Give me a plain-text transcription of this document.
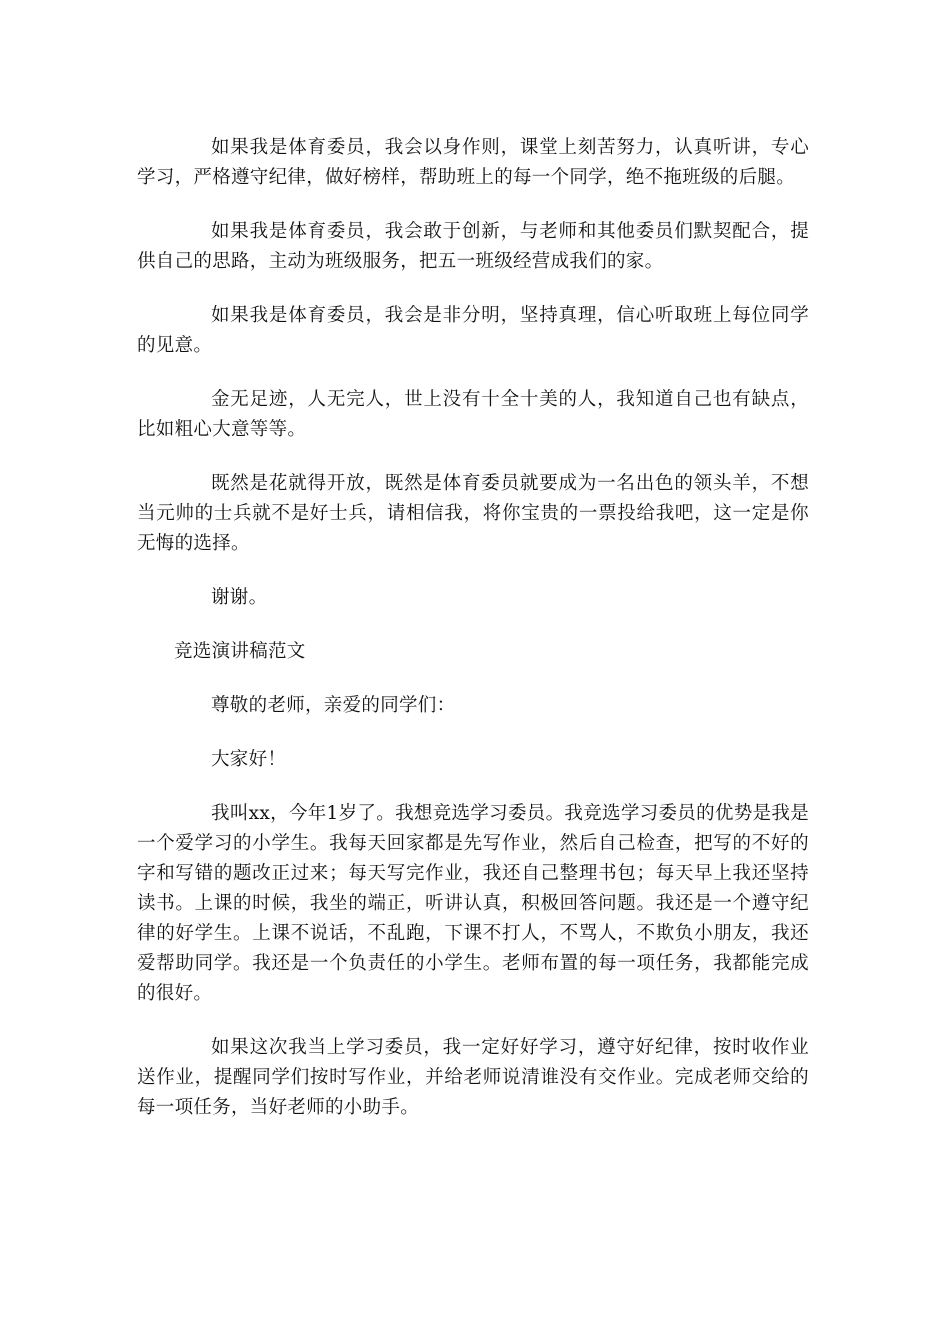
如果我是体育委员，我会以身作则，课堂上刻苦努力，认真听讲，专心学习，严格遵守纪律，做好榜样，帮助班上的每一个同学，绝不拖班级的后腿。

如果我是体育委员，我会敢于创新，与老师和其他委员们默契配合，提供自己的思路，主动为班级服务，把五一班级经营成我们的家。

如果我是体育委员，我会是非分明，坚持真理，信心听取班上每位同学的见意。

金无足迹，人无完人，世上没有十全十美的人，我知道自己也有缺点，比如粗心大意等等。

既然是花就得开放，既然是体育委员就要成为一名出色的领头羊，不想当元帅的士兵就不是好士兵，请相信我，将你宝贵的一票投给我吧，这一定是你无悔的选择。

谢谢。

竞选演讲稿范文

尊敬的老师，亲爱的同学们：

大家好！

我叫xx，今年1岁了。我想竞选学习委员。我竞选学习委员的优势是我是一个爱学习的小学生。我每天回家都是先写作业，然后自己检查，把写的不好的字和写错的题改正过来；每天写完作业，我还自己整理书包；每天早上我还坚持读书。上课的时候，我坐的端正，听讲认真，积极回答问题。我还是一个遵守纪律的好学生。上课不说话，不乱跑，下课不打人，不骂人，不欺负小朋友，我还爱帮助同学。我还是一个负责任的小学生。老师布置的每一项任务，我都能完成的很好。

如果这次我当上学习委员，我一定好好学习，遵守好纪律，按时收作业送作业，提醒同学们按时写作业，并给老师说清谁没有交作业。完成老师交给的每一项任务，当好老师的小助手。
